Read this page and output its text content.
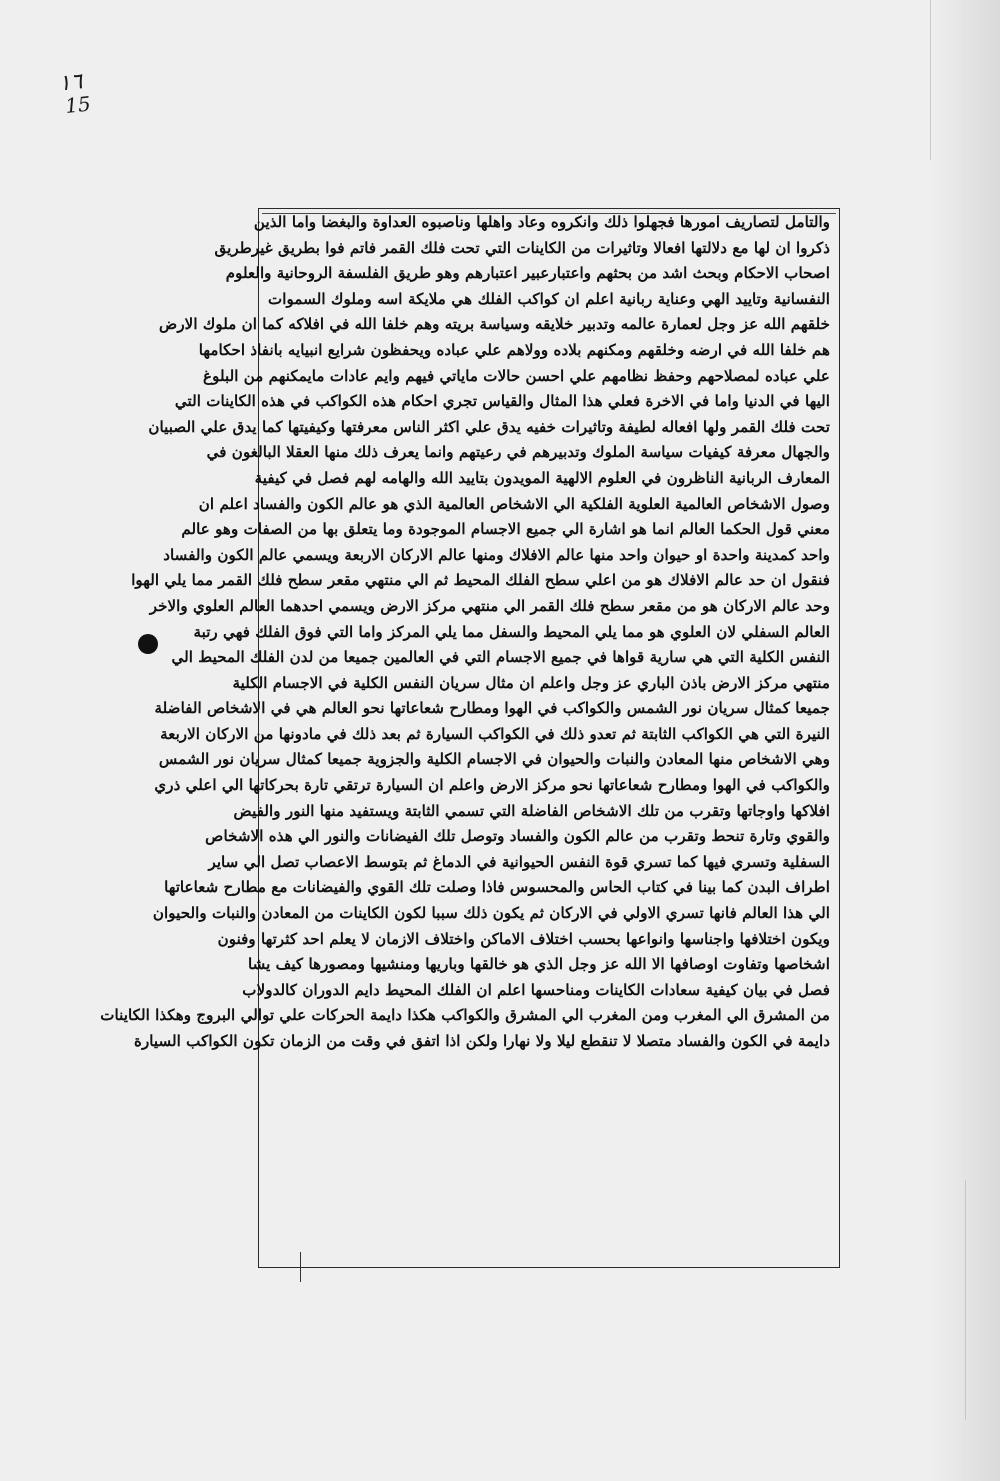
١٦
15
والتامل لتصاريف امورها فجهلوا ذلك وانكروه وعاد واهلها وناصبوه العداوة والبغضا واما الذين
ذكروا ان لها مع دلالتها افعالا وتاثيرات من الكاينات التي تحت فلك القمر فاتم فوا بطريق غيرطريق
اصحاب الاحكام وبحث اشد من بحثهم واعتبارعبير اعتبارهم وهو طريق الفلسفة الروحانية والعلوم
النفسانية وتاييد الهي وعناية ربانية اعلم ان كواكب الفلك هي ملايكة اسه وملوك السموات
خلقهم الله عز وجل لعمارة عالمه وتدبير خلايقه وسياسة بريته وهم خلفا الله في افلاكه كما ان ملوك الارض
هم خلفا الله في ارضه وخلقهم ومكنهم بلاده وولاهم علي عباده ويحفظون شرايع انبيايه بانفاذ احكامها
علي عباده لمصلاحهم وحفظ نظامهم علي احسن حالات ماياتي فيهم وايم عادات مايمكنهم من البلوغ
اليها في الدنيا واما في الاخرة فعلي هذا المثال والقياس تجري احكام هذه الكواكب في هذه الكاينات التي
تحت فلك القمر ولها افعاله لطيفة وتاثيرات خفيه يدق علي اكثر الناس معرفتها وكيفيتها كما يدق علي الصبيان
والجهال معرفة كيفيات سياسة الملوك وتدبيرهم في رعيتهم وانما يعرف ذلك منها العقلا البالغون في
المعارف الربانية الناظرون في العلوم الالهية المويدون بتاييد الله والهامه لهم فصل في كيفية
وصول الاشخاص العالمية العلوية الفلكية الي الاشخاص العالمية الذي هو عالم الكون والفساد اعلم ان
معني قول الحكما العالم انما هو اشارة الي جميع الاجسام الموجودة وما يتعلق بها من الصفات وهو عالم
واحد كمدينة واحدة او حيوان واحد منها عالم الافلاك ومنها عالم الاركان الاربعة ويسمي عالم الكون والفساد
فنقول ان حد عالم الافلاك هو من اعلي سطح الفلك المحيط ثم الي منتهي مقعر سطح فلك القمر مما يلي الهوا
وحد عالم الاركان هو من مقعر سطح فلك القمر الي منتهي مركز الارض ويسمي احدهما العالم العلوي والاخر
العالم السفلي لان العلوي هو مما يلي المحيط والسفل مما يلي المركز واما التي فوق الفلك فهي رتبة
النفس الكلية التي هي سارية قواها في جميع الاجسام التي في العالمين جميعا من لدن الفلك المحيط الي
منتهي مركز الارض باذن الباري عز وجل واعلم ان مثال سريان النفس الكلية في الاجسام الكلية
جميعا كمثال سريان نور الشمس والكواكب في الهوا ومطارح شعاعاتها نحو العالم هي في الاشخاص الفاضلة
النيرة التي هي الكواكب الثابتة ثم تعدو ذلك في الكواكب السيارة ثم بعد ذلك في مادونها من الاركان الاربعة
وهي الاشخاص منها المعادن والنبات والحيوان في الاجسام الكلية والجزوية جميعا كمثال سريان نور الشمس
والكواكب في الهوا ومطارح شعاعاتها نحو مركز الارض واعلم ان السيارة ترتقي تارة بحركاتها الي اعلي ذري
افلاكها واوجاتها وتقرب من تلك الاشخاص الفاضلة التي تسمي الثابتة ويستفيد منها النور والفيض
والقوي وتارة تنحط وتقرب من عالم الكون والفساد وتوصل تلك الفيضانات والنور الي هذه الاشخاص
السفلية وتسري فيها كما تسري قوة النفس الحيوانية في الدماغ ثم بتوسط الاعصاب تصل الي ساير
اطراف البدن كما بينا في كتاب الحاس والمحسوس فاذا وصلت تلك القوي والفيضانات مع مطارح شعاعاتها
الي هذا العالم فانها تسري الاولي في الاركان ثم يكون ذلك سببا لكون الكاينات من المعادن والنبات والحيوان
ويكون اختلافها واجناسها وانواعها بحسب اختلاف الاماكن واختلاف الازمان لا يعلم احد كثرتها وفنون
اشخاصها وتفاوت اوصافها الا الله عز وجل الذي هو خالقها وباريها ومنشيها ومصورها كيف يشا
فصل في بيان كيفية سعادات الكاينات ومناحسها اعلم ان الفلك المحيط دايم الدوران كالدولاب
من المشرق الي المغرب ومن المغرب الي المشرق والكواكب هكذا دايمة الحركات علي توالي البروج وهكذا الكاينات
دايمة في الكون والفساد متصلا لا تنقطع ليلا ولا نهارا ولكن اذا اتفق في وقت من الزمان تكون الكواكب السيارة
